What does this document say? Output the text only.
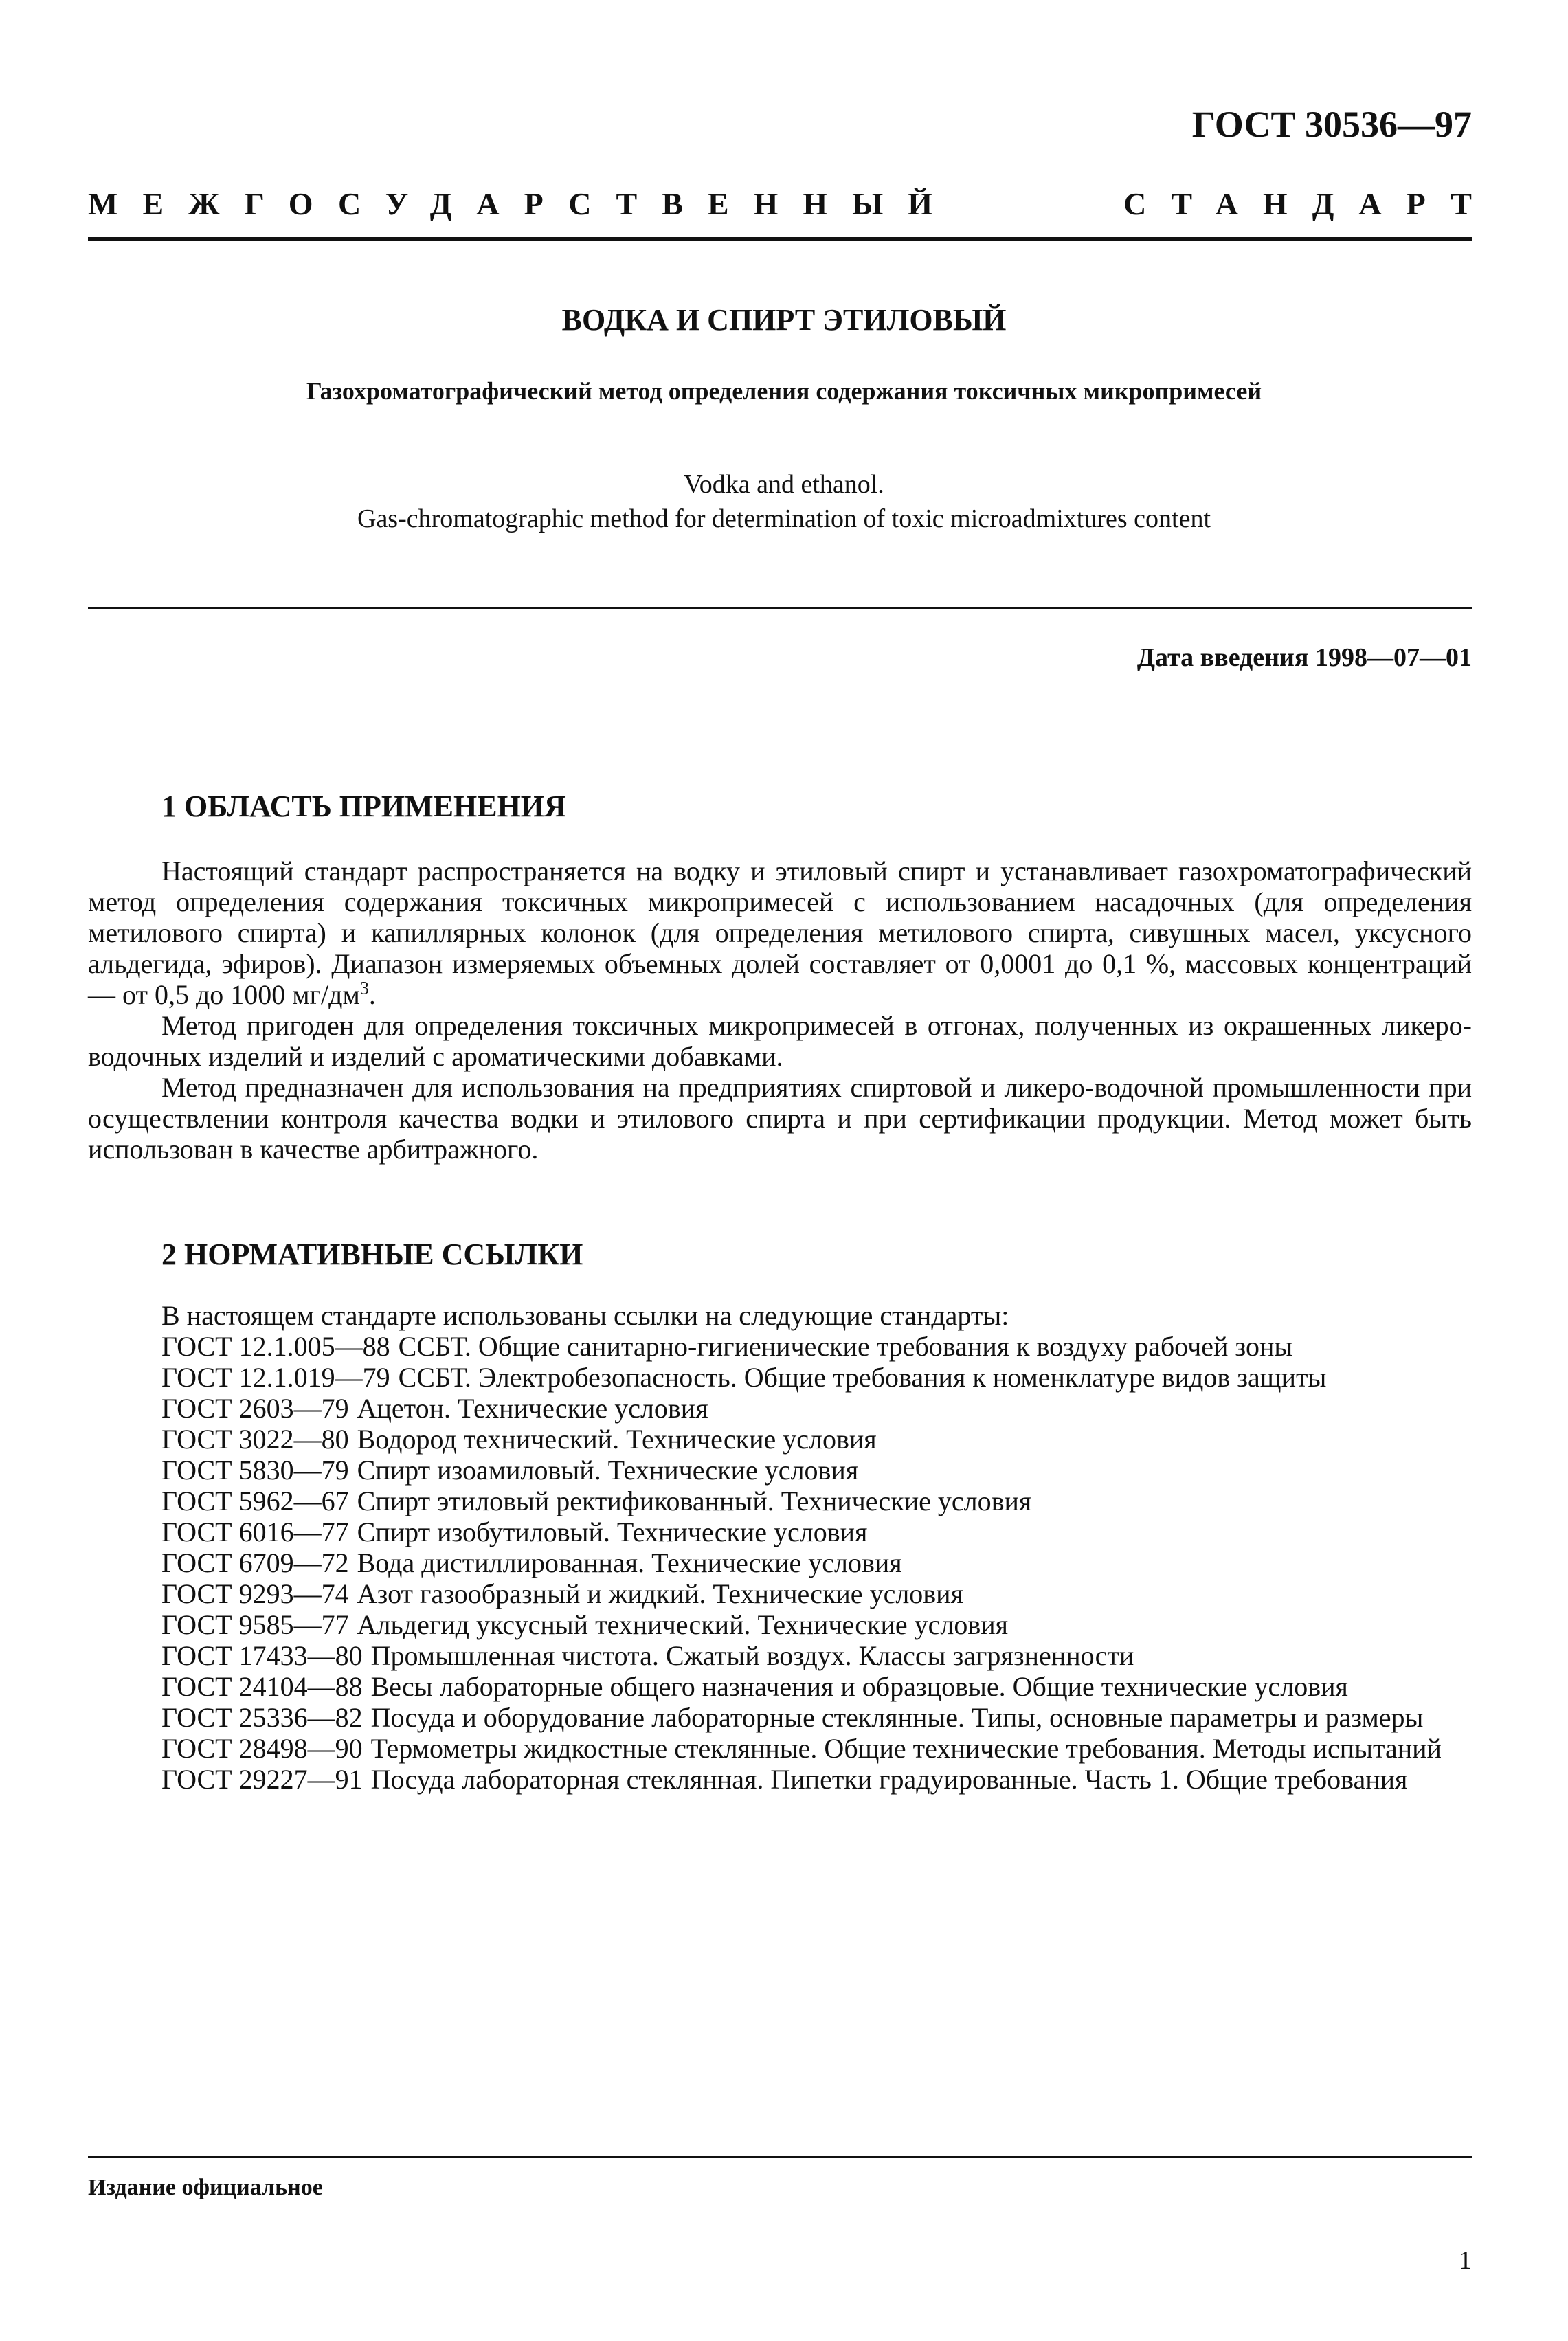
ГОСТ 30536—97
МЕЖГОСУДАРСТВЕННЫЙ	СТАНДАРТ
ВОДКА И СПИРТ ЭТИЛОВЫЙ
Газохроматографический метод определения содержания токсичных микропримесей
Vodka and ethanol.
Gas-chromatographic method for determination of toxic microadmixtures content
Дата введения 1998—07—01
1 ОБЛАСТЬ ПРИМЕНЕНИЯ

Настоящий стандарт распространяется на водку и этиловый спирт и устанавливает газохроматографический метод определения содержания токсичных микропримесей с использованием насадочных (для определения метилового спирта) и капиллярных колонок (для определения метилового спирта, сивушных масел, уксусного альдегида, эфиров). Диапазон измеряемых объемных долей составляет от 0,0001 до 0,1 %, массовых концентраций — от 0,5 до 1000 $мг/дм^3$.

Метод пригоден для определения токсичных микропримесей в отгонах, полученных из окрашенных ликеро-водочных изделий и изделий с ароматическими добавками.

Метод предназначен для использования на предприятиях спиртовой и ликеро-водочной промышленности при осуществлении контроля качества водки и этилового спирта и при сертификации продукции. Метод может быть использован в качестве арбитражного.

2 НОРМАТИВНЫЕ ССЫЛКИ

В настоящем стандарте использованы ссылки на следующие стандарты:

ГОСТ 12.1.005—88 ССБТ. Общие санитарно-гигиенические требования к воздуху рабочей зоны

ГОСТ 12.1.019—79 ССБТ. Электробезопасность. Общие требования к номенклатуре видов защиты

ГОСТ 2603—79 Ацетон. Технические условия

ГОСТ 3022—80 Водород технический. Технические условия

ГОСТ 5830—79 Спирт изоамиловый. Технические условия

ГОСТ 5962—67 Спирт этиловый ректификованный. Технические условия

ГОСТ 6016—77 Спирт изобутиловый. Технические условия

ГОСТ 6709—72 Вода дистиллированная. Технические условия

ГОСТ 9293—74 Азот газообразный и жидкий. Технические условия

ГОСТ 9585—77 Альдегид уксусный технический. Технические условия

ГОСТ 17433—80 Промышленная чистота. Сжатый воздух. Классы загрязненности

ГОСТ 24104—88 Весы лабораторные общего назначения и образцовые. Общие технические условия

ГОСТ 25336—82 Посуда и оборудование лабораторные стеклянные. Типы, основные параметры и размеры

ГОСТ 28498—90 Термометры жидкостные стеклянные. Общие технические требования. Методы испытаний

ГОСТ 29227—91 Посуда лабораторная стеклянная. Пипетки градуированные. Часть 1. Общие требования

Издание официальное
1
